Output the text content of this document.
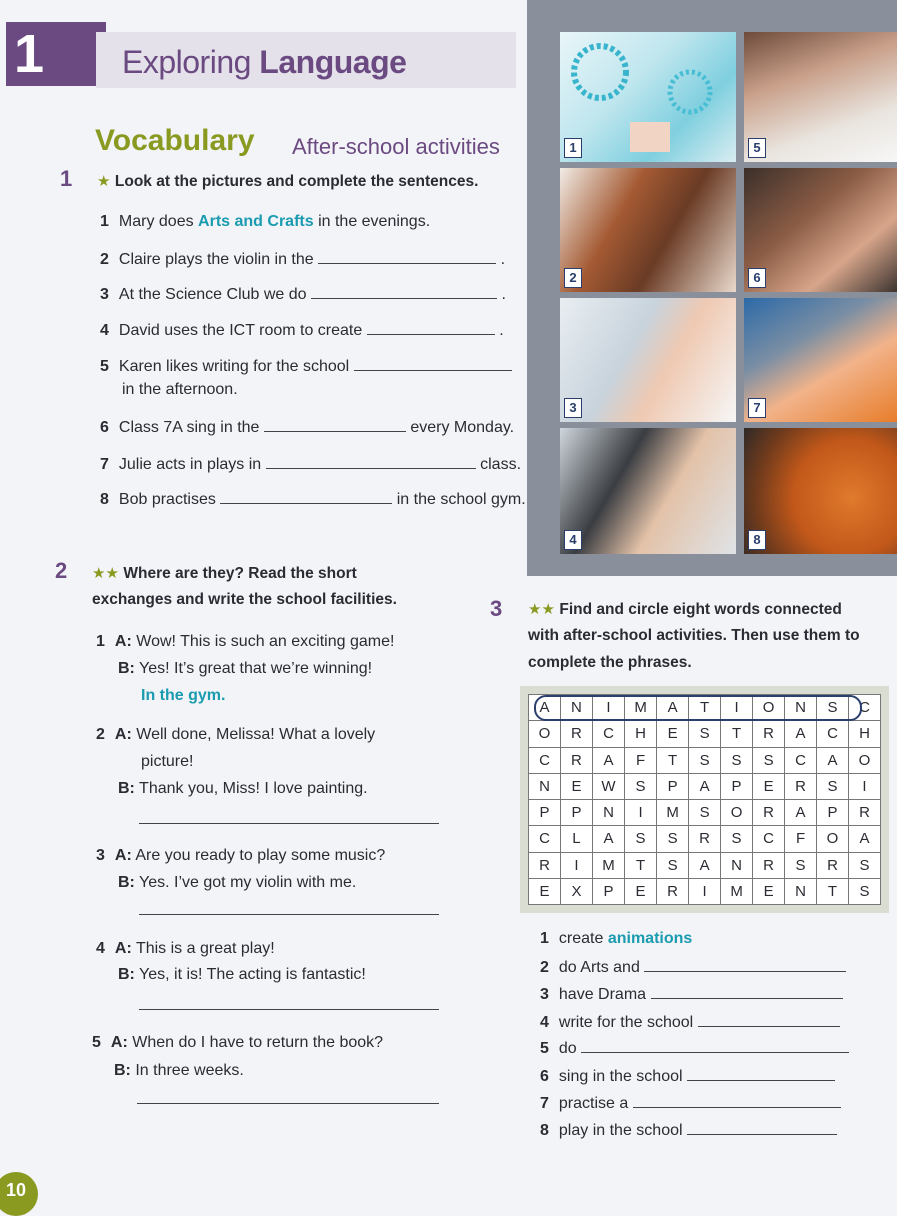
1 Exploring Language
Vocabulary After-school activities
1 ★ Look at the pictures and complete the sentences.
1 Mary does Arts and Crafts in the evenings.
2 Claire plays the violin in the	.
3 At the Science Club we do	.
4 David uses the ICT room to create	.
5 Karen likes writing for the school
in the afternoon.
6 Class 7A sing in the	every Monday.
7 Julie acts in plays in	class.
8 Bob practises	in the school gym.
1	5
2	6
3	7
4	8
2 ★★ Where are they? Read the short
exchanges and write the school facilities.
1 A: Wow! This is such an exciting game!
B: Yes! It’s great that we’re winning!
In the gym.
2 A: Well done, Melissa! What a lovely
picture!
B: Thank you, Miss! I love painting.
3 A: Are you ready to play some music?
B: Yes. I’ve got my violin with me.
4 A: This is a great play!
B: Yes, it is! The acting is fantastic!
5 A: When do I have to return the book?
B: In three weeks.
3 ★★ Find and circle eight words connected
with after-school activities. Then use them to
complete the phrases.
A	N	I	M	A	T	I	O	N	S	C
O	R	C	H	E	S	T	R	A	C	H
C	R	A	F	T	S	S	S	C	A	O
N	E	W	S	P	A	P	E	R	S	I
P	P	N	I	M	S	O	R	A	P	R
C	L	A	S	S	R	S	C	F	O	A
R	I	M	T	S	A	N	R	S	R	S
E	X	P	E	R	I	M	E	N	T	S
1 create animations
2 do Arts and
3 have Drama
4 write for the school
5 do
6 sing in the school
7 practise a
8 play in the school
10
